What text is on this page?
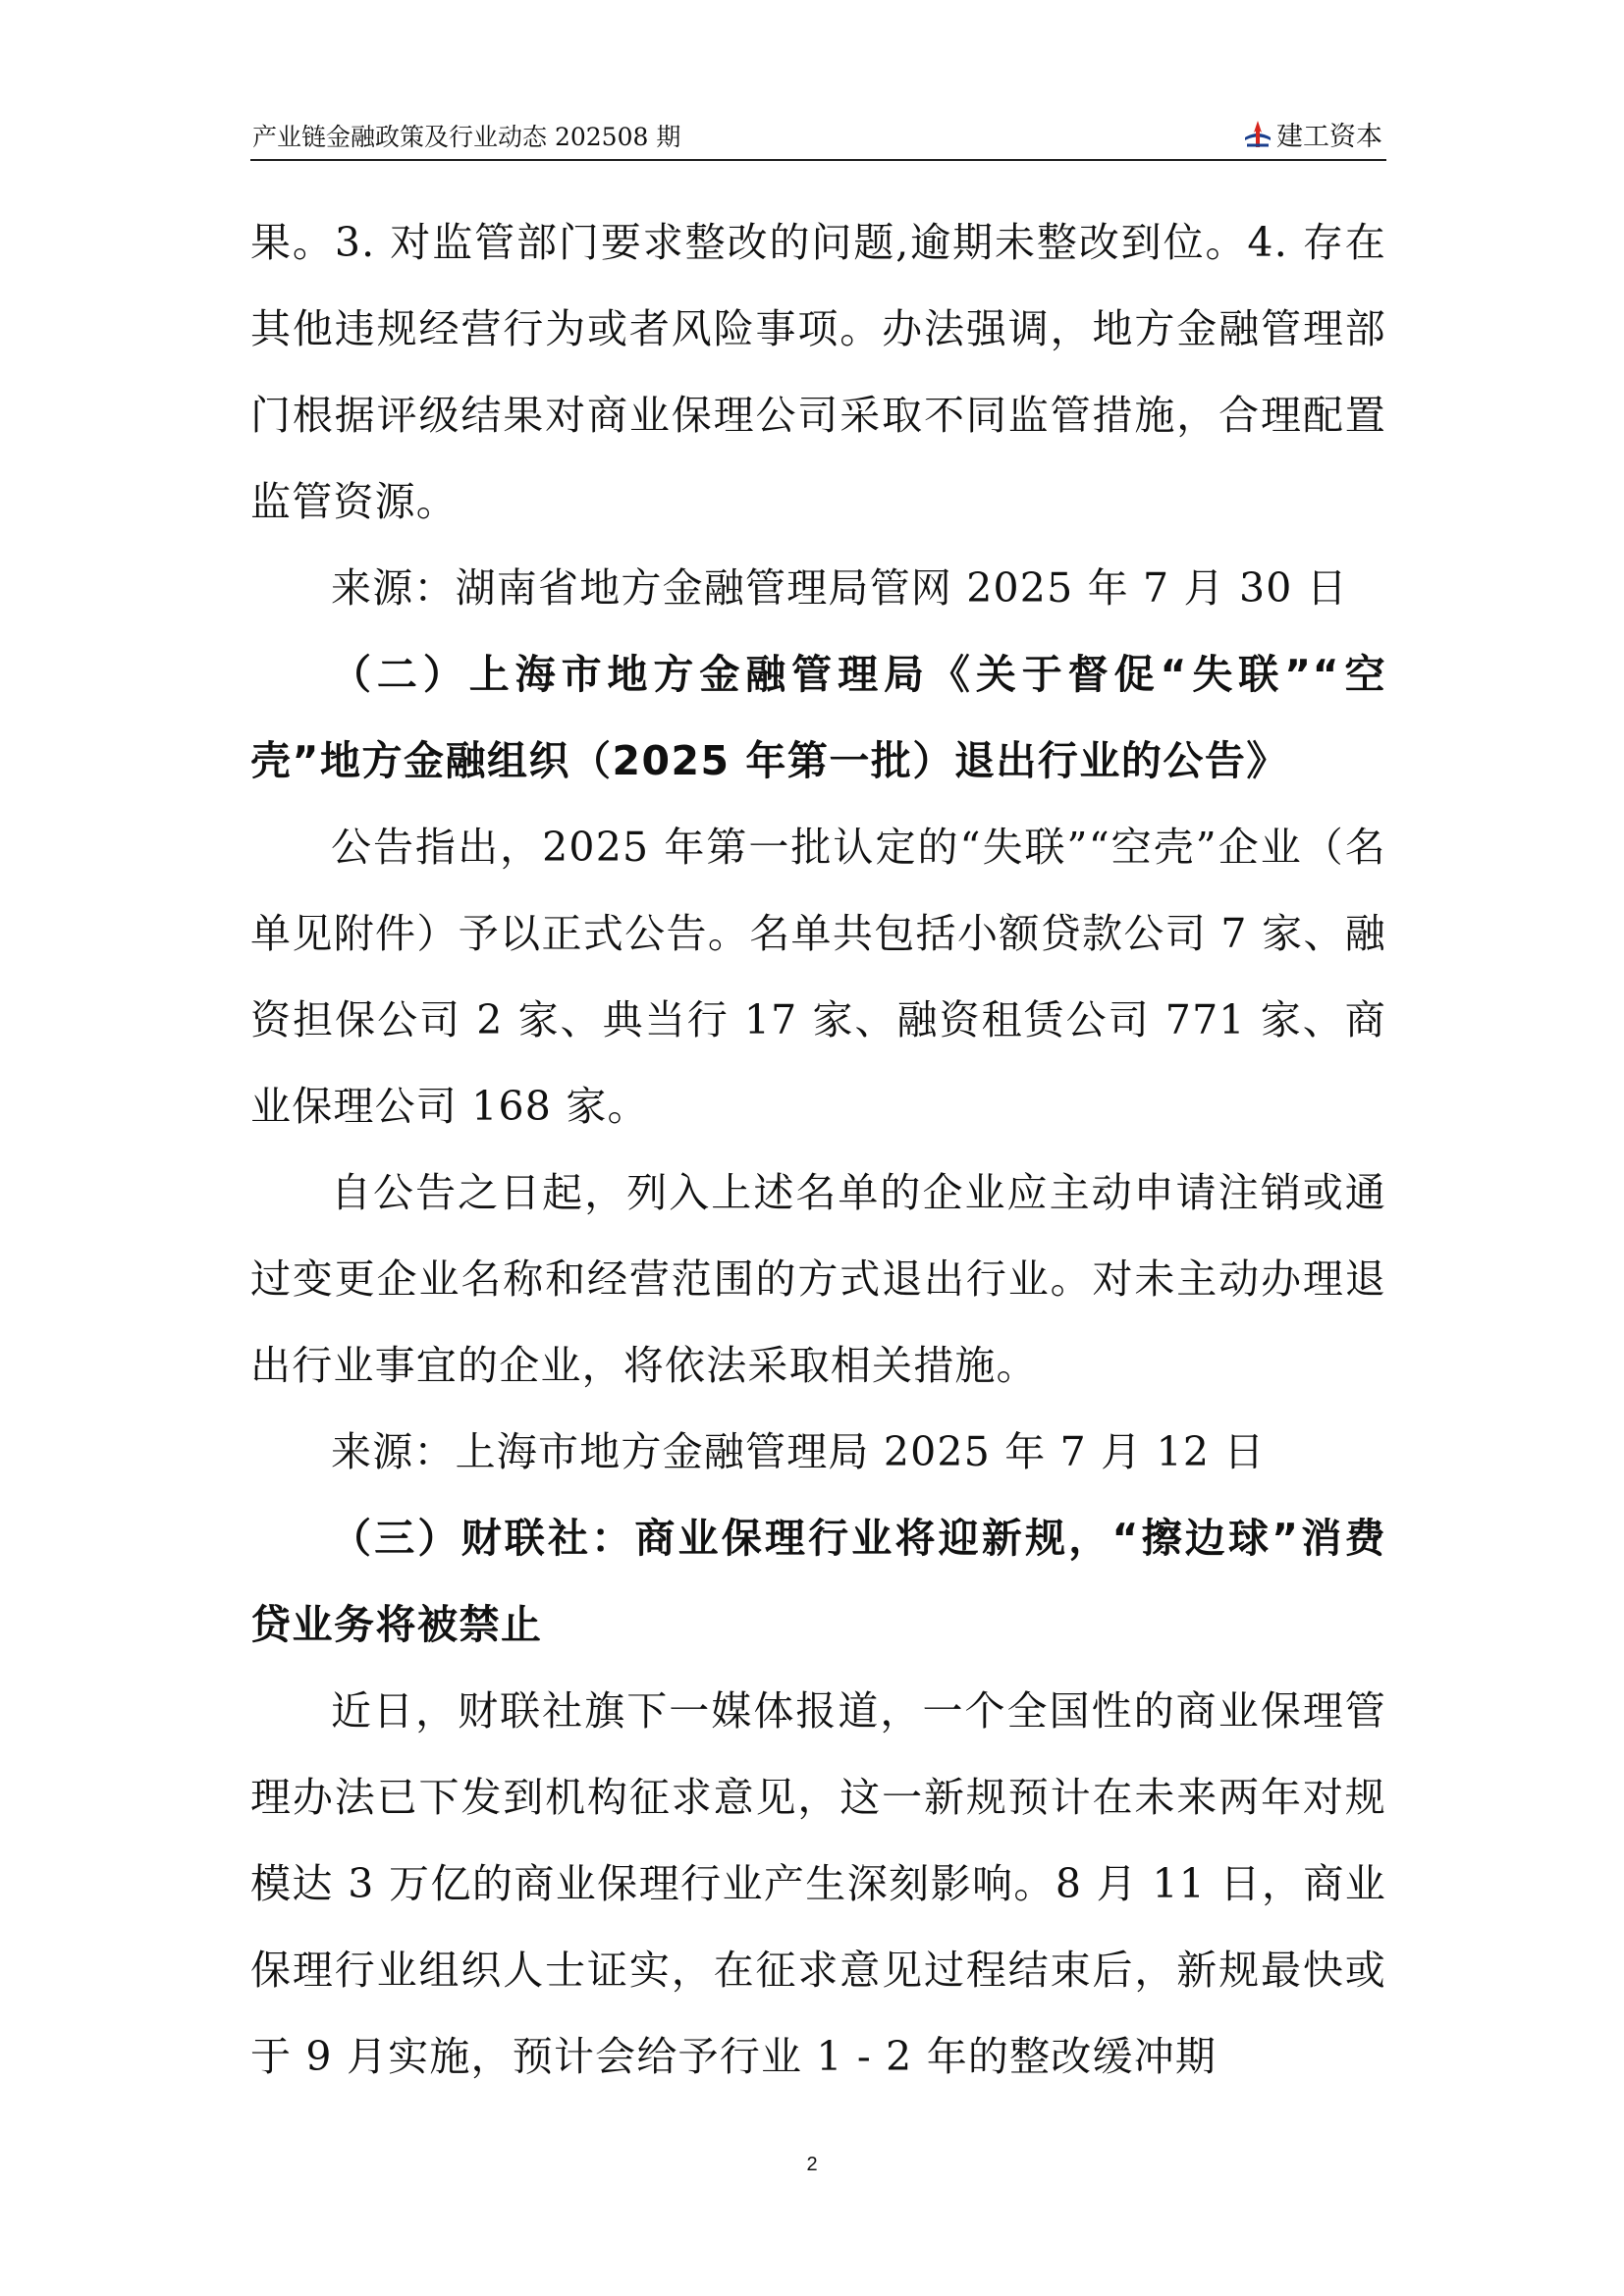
产业链金融政策及行业动态 202508 期	建工资本

果。3. 对监管部门要求整改的问题,逾期未整改到位。4. 存在其他违规经营行为或者风险事项。办法强调，地方金融管理部门根据评级结果对商业保理公司采取不同监管措施，合理配置监管资源。

来源：湖南省地方金融管理局管网 2025 年 7 月 30 日

（二）上海市地方金融管理局《关于督促“失联”“空壳”地方金融组织（2025 年第一批）退出行业的公告》

公告指出，2025 年第一批认定的“失联”“空壳”企业（名单见附件）予以正式公告。名单共包括小额贷款公司 7 家、融资担保公司 2 家、典当行 17 家、融资租赁公司 771 家、商业保理公司 168 家。

自公告之日起，列入上述名单的企业应主动申请注销或通过变更企业名称和经营范围的方式退出行业。对未主动办理退出行业事宜的企业，将依法采取相关措施。

来源：上海市地方金融管理局 2025 年 7 月 12 日

（三）财联社：商业保理行业将迎新规，“擦边球”消费贷业务将被禁止

近日，财联社旗下一媒体报道，一个全国性的商业保理管理办法已下发到机构征求意见，这一新规预计在未来两年对规模达 3 万亿的商业保理行业产生深刻影响。8 月 11 日，商业保理行业组织人士证实，在征求意见过程结束后，新规最快或于 9 月实施，预计会给予行业 1 - 2 年的整改缓冲期

2
